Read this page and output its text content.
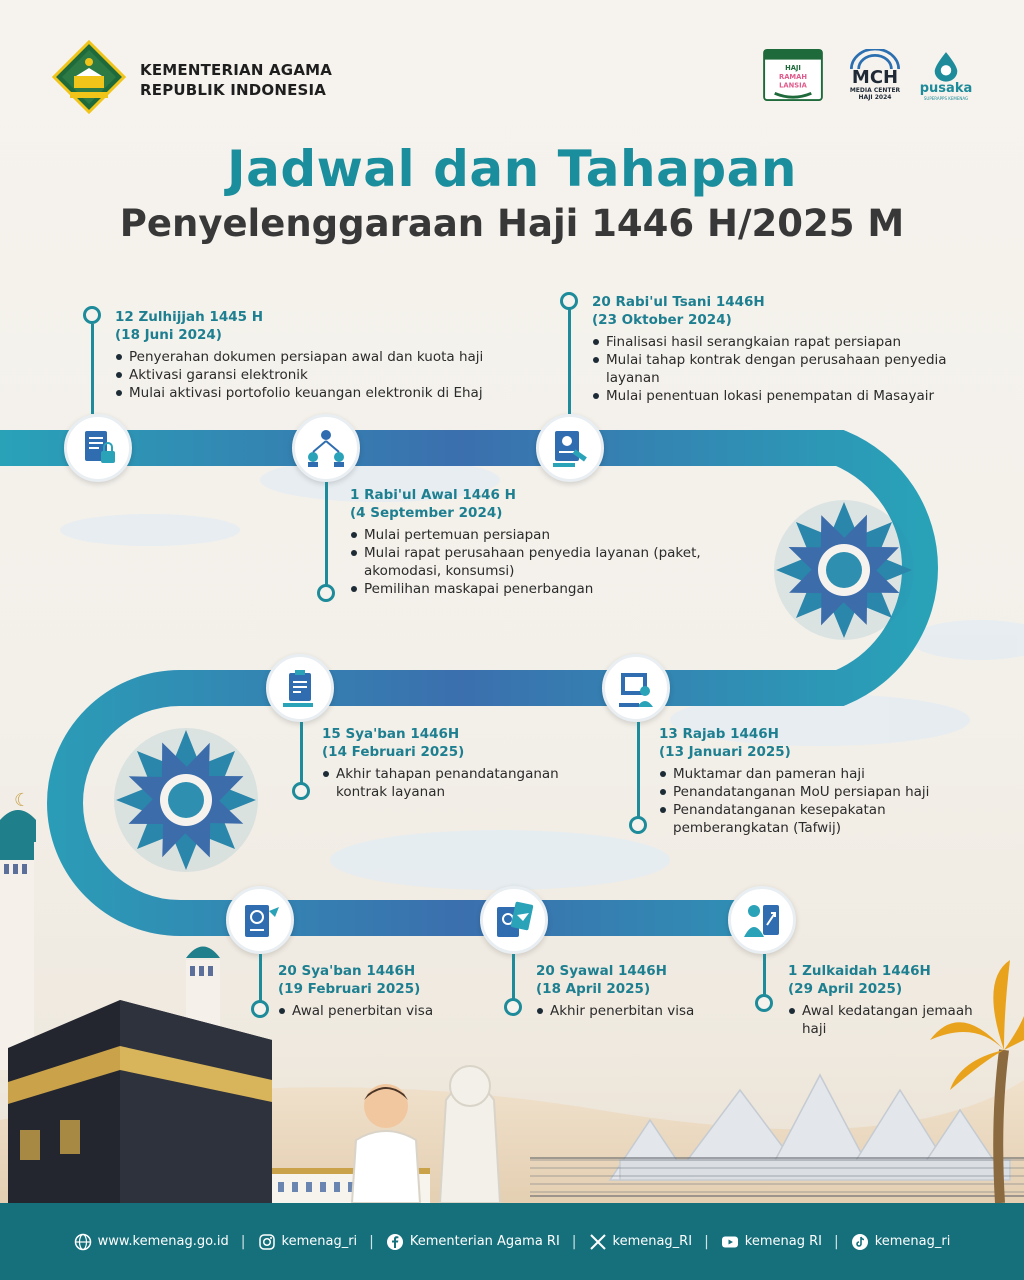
☾
KEMENTERIAN AGAMA
REPUBLIK INDONESIA
HAJI
RAMAH
LANSIA	MCH
MEDIA CENTER
HAJI 2024
pusaka
SUPERAPPS KEMENAG
Jadwal dan Tahapan
Penyelenggaraan Haji 1446 H/2025 M
12 Zulhijjah 1445 H
(18 Juni 2024)
Penyerahan dokumen persiapan awal dan kuota haji
Aktivasi garansi elektronik
Mulai aktivasi portofolio keuangan elektronik di Ehaj
1 Rabi'ul Awal 1446 H
(4 September 2024)
Mulai pertemuan persiapan
Mulai rapat perusahaan penyedia layanan (paket, akomodasi, konsumsi)
Pemilihan maskapai penerbangan
20 Rabi'ul Tsani 1446H
(23 Oktober 2024)
Finalisasi hasil serangkaian rapat persiapan
Mulai tahap kontrak dengan perusahaan penyedia layanan
Mulai penentuan lokasi penempatan di Masayair
13 Rajab 1446H
(13 Januari 2025)
Muktamar dan pameran haji
Penandatanganan MoU persiapan haji
Penandatanganan kesepakatan pemberangkatan (Tafwij)
15 Sya'ban 1446H
(14 Februari 2025)
Akhir tahapan penandatanganan kontrak layanan
20 Sya'ban 1446H
(19 Februari 2025)
Awal penerbitan visa
20 Syawal 1446H
(18 April 2025)
Akhir penerbitan visa
1 Zulkaidah 1446H
(29 April 2025)
Awal kedatangan jemaah haji
www.kemenag.go.id |	kemenag_ri |	Kementerian Agama RI |	kemenag_RI |	kemenag RI |	kemenag_ri
